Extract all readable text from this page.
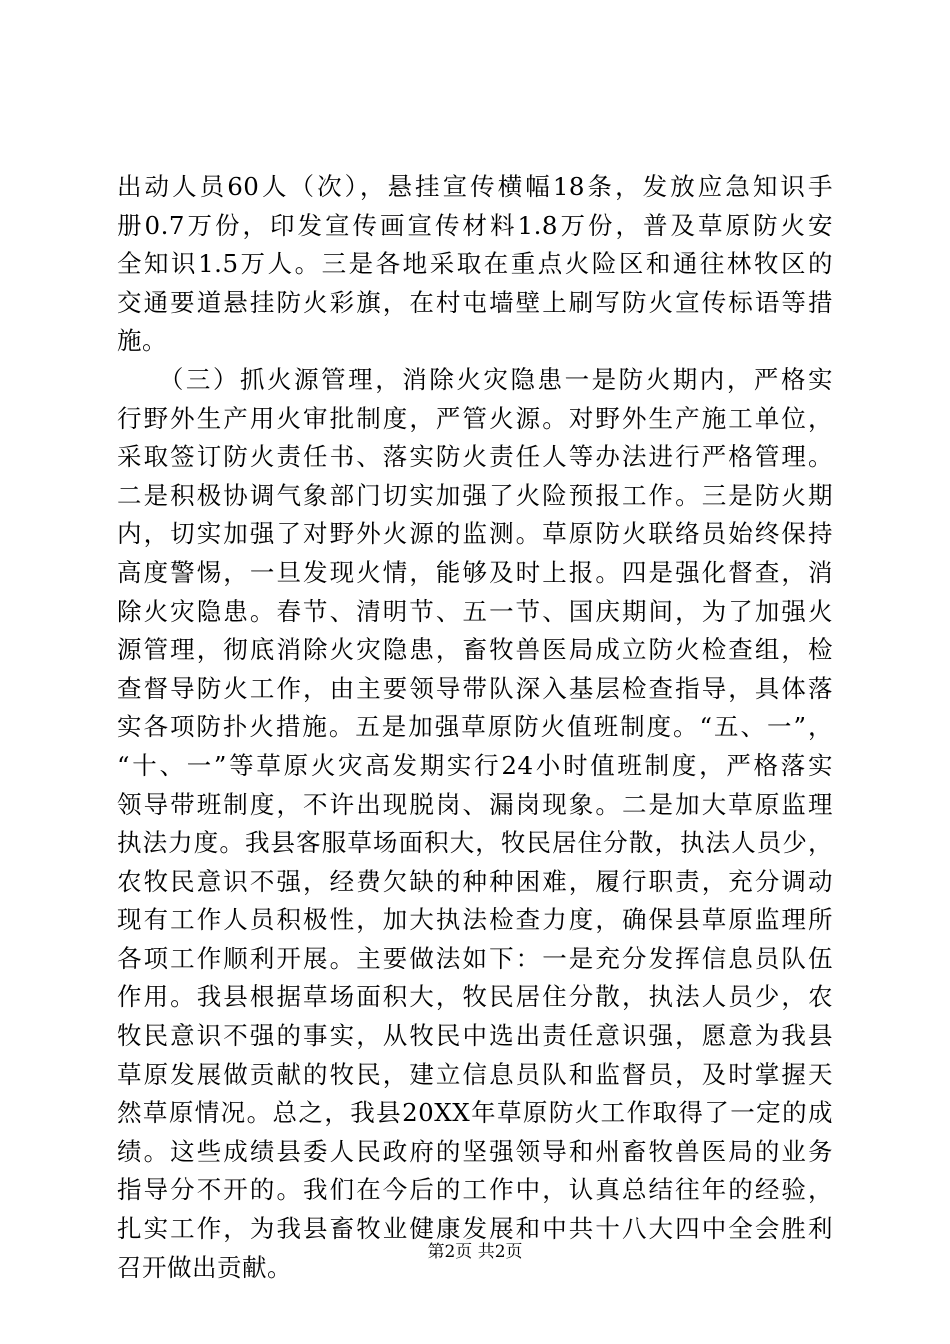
出动人员60人（次），悬挂宣传横幅18条，发放应急知识手

册0.7万份，印发宣传画宣传材料1.8万份，普及草原防火安

全知识1.5万人。三是各地采取在重点火险区和通往林牧区的

交通要道悬挂防火彩旗，在村屯墙壁上刷写防火宣传标语等措

施。

　　（三）抓火源管理，消除火灾隐患一是防火期内，严格实

行野外生产用火审批制度，严管火源。对野外生产施工单位，

采取签订防火责任书、落实防火责任人等办法进行严格管理。

二是积极协调气象部门切实加强了火险预报工作。三是防火期

内，切实加强了对野外火源的监测。草原防火联络员始终保持

高度警惕，一旦发现火情，能够及时上报。四是强化督查，消

除火灾隐患。春节、清明节、五一节、国庆期间，为了加强火

源管理，彻底消除火灾隐患，畜牧兽医局成立防火检查组，检

查督导防火工作，由主要领导带队深入基层检查指导，具体落

实各项防扑火措施。五是加强草原防火值班制度。“五、一”，

“十、一”等草原火灾高发期实行24小时值班制度，严格落实

领导带班制度，不许出现脱岗、漏岗现象。二是加大草原监理

执法力度。我县客服草场面积大，牧民居住分散，执法人员少，

农牧民意识不强，经费欠缺的种种困难，履行职责，充分调动

现有工作人员积极性，加大执法检查力度，确保县草原监理所

各项工作顺利开展。主要做法如下：一是充分发挥信息员队伍

作用。我县根据草场面积大，牧民居住分散，执法人员少，农

牧民意识不强的事实，从牧民中选出责任意识强，愿意为我县

草原发展做贡献的牧民，建立信息员队和监督员，及时掌握天

然草原情况。总之，我县20XX年草原防火工作取得了一定的成

绩。这些成绩县委人民政府的坚强领导和州畜牧兽医局的业务

指导分不开的。我们在今后的工作中，认真总结往年的经验，

扎实工作，为我县畜牧业健康发展和中共十八大四中全会胜利

召开做出贡献。

第2页 共2页
